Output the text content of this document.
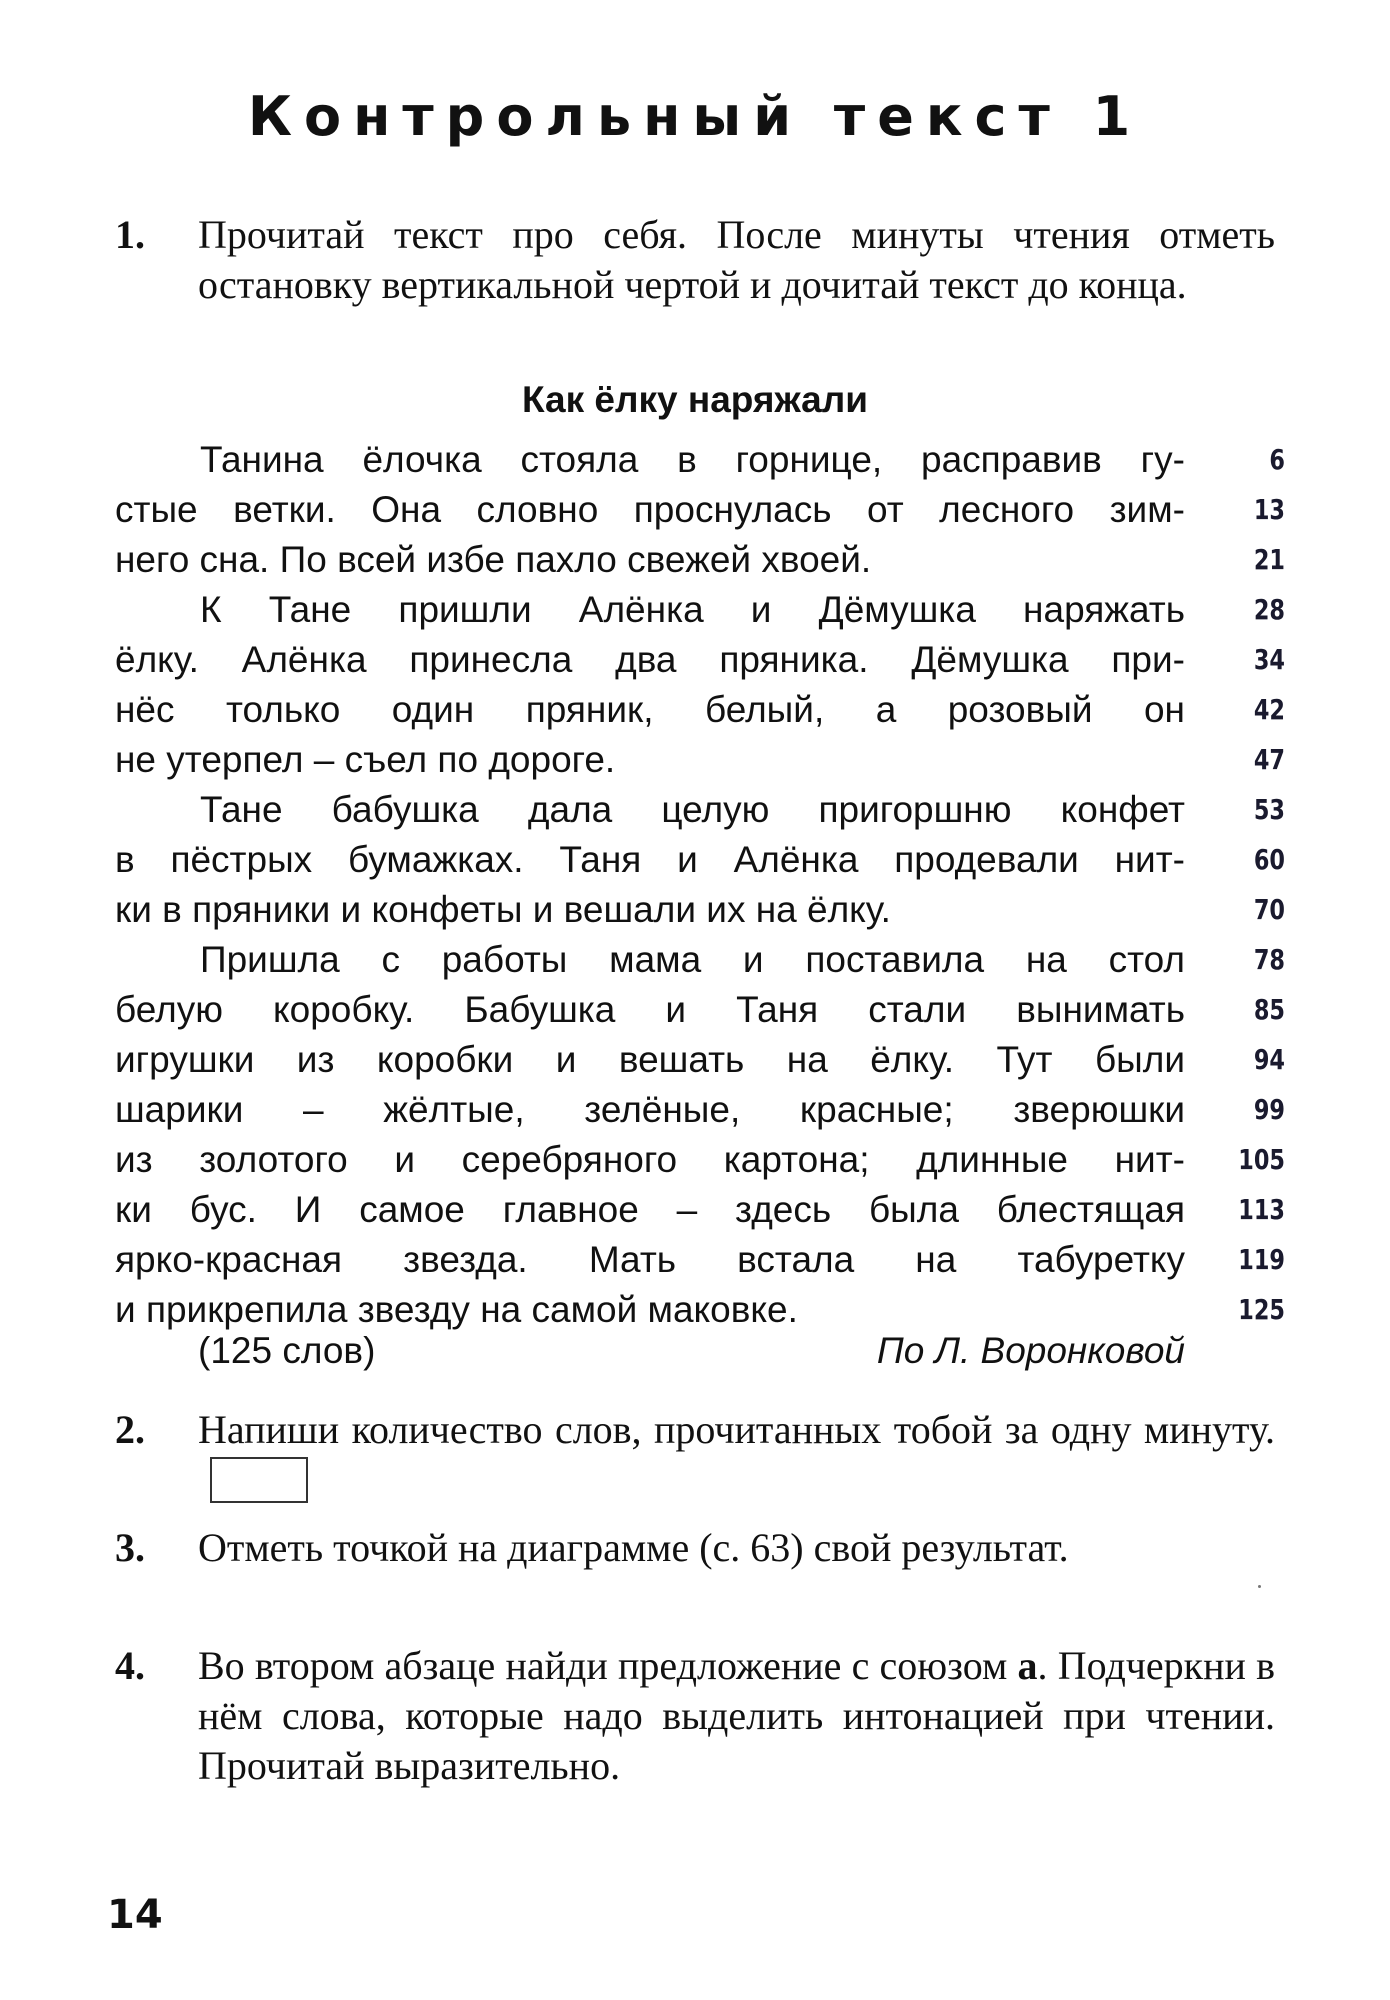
Контрольный текст 1
1. Прочитай текст про себя. После минуты чтения отметь остановку вертикальной чертой и дочитай текст до конца.

Как ёлку наряжали
Танина ёлочка стояла в горнице, расправив гу-
стые ветки. Она словно проснулась от лесного зим-
него сна. По всей избе пахло свежей хвоей.
К Тане пришли Алёнка и Дёмушка наряжать
ёлку. Алёнка принесла два пряника. Дёмушка при-
нёс только один пряник, белый, а розовый он
не утерпел – съел по дороге.
Тане бабушка дала целую пригоршню конфет
в пёстрых бумажках. Таня и Алёнка продевали нит-
ки в пряники и конфеты и вешали их на ёлку.
Пришла с работы мама и поставила на стол
белую коробку. Бабушка и Таня стали вынимать
игрушки из коробки и вешать на ёлку. Тут были
шарики – жёлтые, зелёные, красные; зверюшки
из золотого и серебряного картона; длинные нит-
ки бус. И самое главное – здесь была блестящая
ярко-красная звезда. Мать встала на табуретку
и прикрепила звезду на самой маковке.
6
13
21
28
34
42
47
53
60
70
78
85
94
99
105
113
119
125
(125 слов)	По Л. Воронковой
2. Напиши количество слов, прочитанных тобой за одну минуту.

3. Отметь точкой на диаграмме (с. 63) свой результат.

4. Во втором абзаце найди предложение с союзом а. Подчеркни в нём слова, которые надо выделить интонацией при чтении. Прочитай выразительно.

14
